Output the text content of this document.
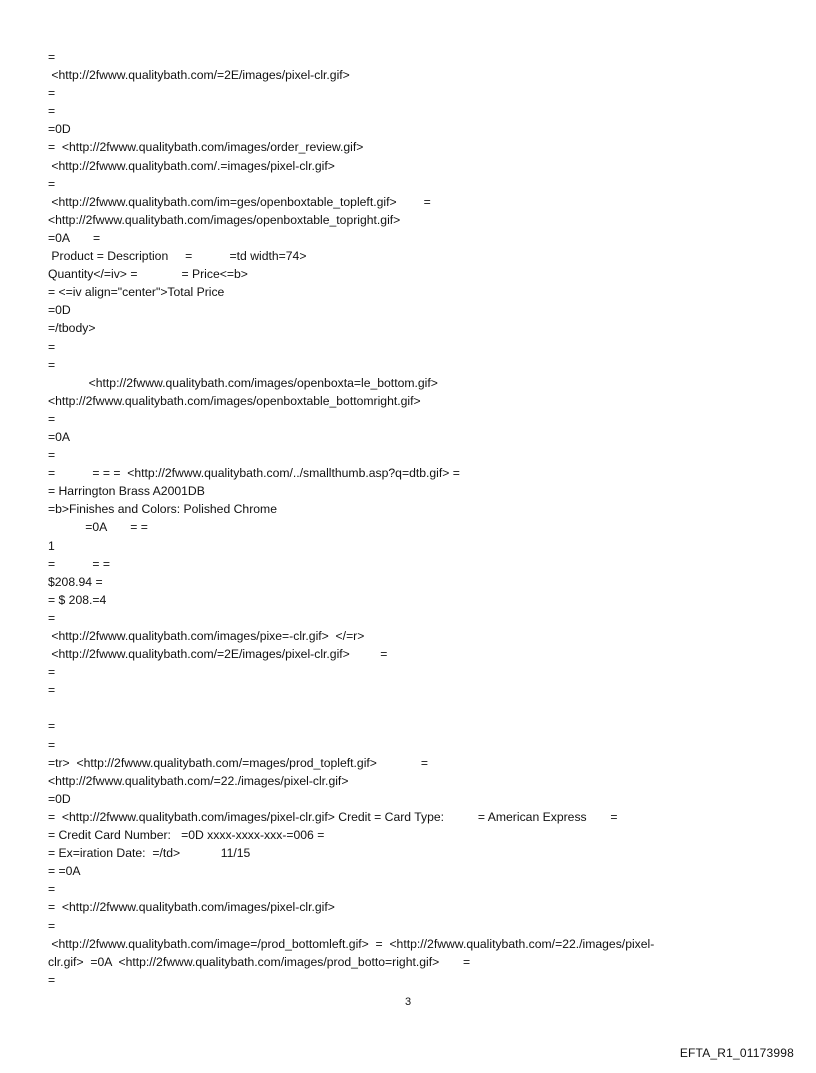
=
<http://2fwww.qualitybath.com/=2E/images/pixel-clr.gif>
=
=
=0D
=  <http://2fwww.qualitybath.com/images/order_review.gif>
<http://2fwww.qualitybath.com/.=images/pixel-clr.gif>
=
<http://2fwww.qualitybath.com/im=ges/openboxtable_topleft.gif>        =
<http://2fwww.qualitybath.com/images/openboxtable_topright.gif>
=0A       =
Product = Description     =           =td width=74>
Quantity</=iv> =             = Price<=b>
= <=iv align="center">Total Price
=0D
=/tbody>
=
=
<http://2fwww.qualitybath.com/images/openboxta=le_bottom.gif>
<http://2fwww.qualitybath.com/images/openboxtable_bottomright.gif>
=
=0A
=
=           = = =  <http://2fwww.qualitybath.com/../smallthumb.asp?q=dtb.gif> =
= Harrington Brass A2001DB
=b>Finishes and Colors: Polished Chrome
=0A       = =
1
=           = =
$208.94 =
= $ 208.=4
=
<http://2fwww.qualitybath.com/images/pixe=-clr.gif>  </=r>
<http://2fwww.qualitybath.com/=2E/images/pixel-clr.gif>         =
=
=
=
=
=tr>  <http://2fwww.qualitybath.com/=mages/prod_topleft.gif>             =
<http://2fwww.qualitybath.com/=22./images/pixel-clr.gif>
=0D
=  <http://2fwww.qualitybath.com/images/pixel-clr.gif> Credit = Card Type:          = American Express       =
= Credit Card Number:   =0D xxxx-xxxx-xxx-=006 =
= Ex=iration Date:  =/td>            11/15
= =0A
=
=  <http://2fwww.qualitybath.com/images/pixel-clr.gif>
=
<http://2fwww.qualitybath.com/image=/prod_bottomleft.gif>  =  <http://2fwww.qualitybath.com/=22./images/pixel-
clr.gif>  =0A  <http://2fwww.qualitybath.com/images/prod_botto=right.gif>       =
=
3
EFTA_R1_01173998
